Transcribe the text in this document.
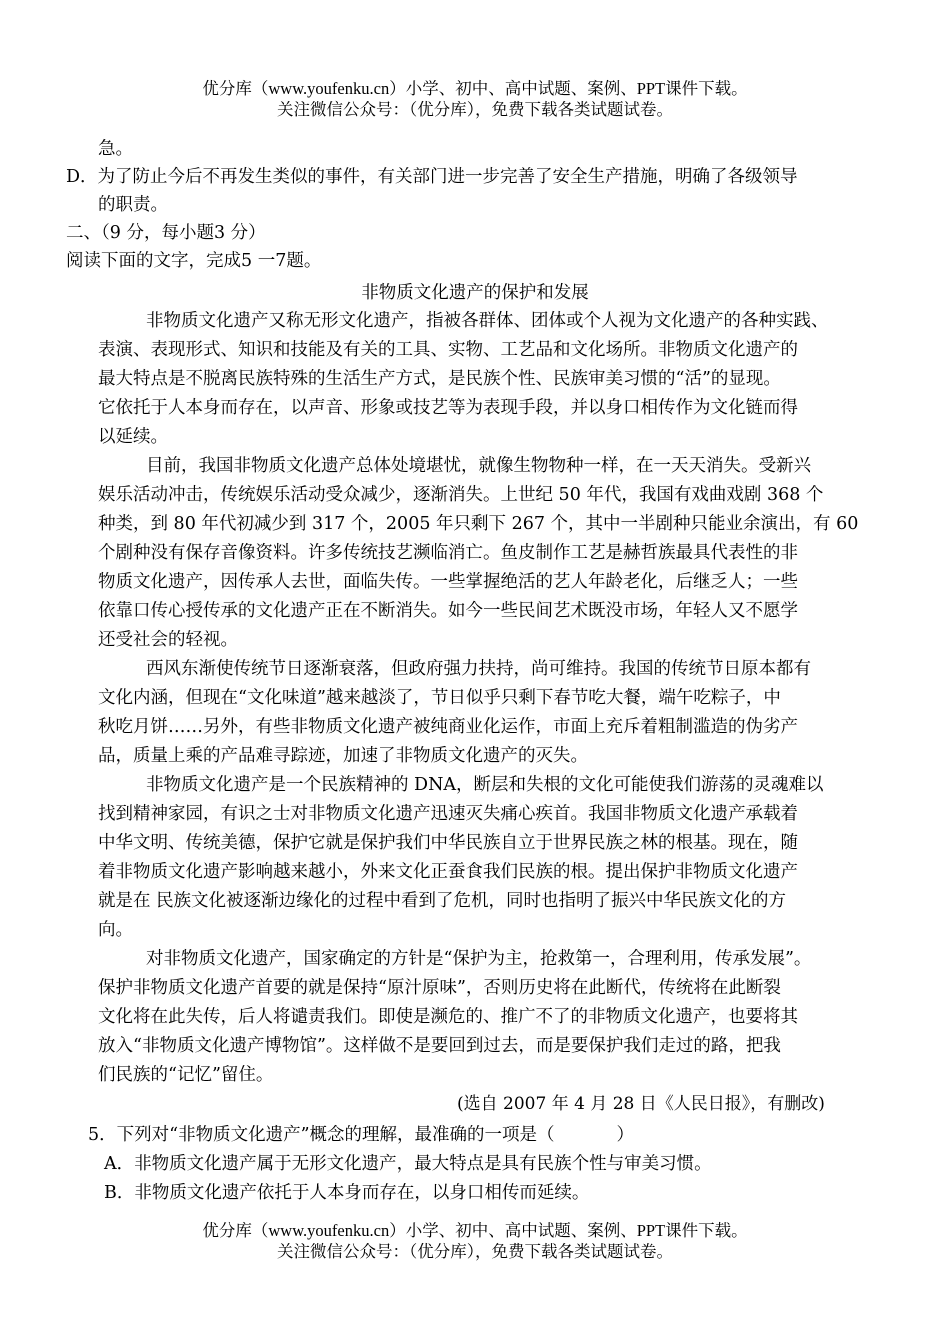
优分库（www.youfenku.cn）小学、初中、高中试题、案例、PPT课件下载。
关注微信公众号：（优分库），免费下载各类试题试卷。
急。
D．为了防止今后不再发生类似的事件，有关部门进一步完善了安全生产措施，明确了各级领导
的职责。
二、（9 分，每小题3 分）
阅读下面的文字，完成5 一7题。
非物质文化遗产的保护和发展
非物质文化遗产又称无形文化遗产，指被各群体、团体或个人视为文化遗产的各种实践、
表演、表现形式、知识和技能及有关的工具、实物、工艺品和文化场所。非物质文化遗产的
最大特点是不脱离民族特殊的生活生产方式，是民族个性、民族审美习惯的“活”的显现。
它依托于人本身而存在，以声音、形象或技艺等为表现手段，并以身口相传作为文化链而得
以延续。
目前，我国非物质文化遗产总体处境堪忧，就像生物物种一样，在一天天消失。受新兴
娱乐活动冲击，传统娱乐活动受众减少，逐渐消失。上世纪 50 年代，我国有戏曲戏剧 368 个
种类，到 80 年代初减少到 317 个，2005 年只剩下 267 个，其中一半剧种只能业余演出，有 60
个剧种没有保存音像资料。许多传统技艺濒临消亡。鱼皮制作工艺是赫哲族最具代表性的非
物质文化遗产，因传承人去世，面临失传。一些掌握绝活的艺人年龄老化，后继乏人；一些
依靠口传心授传承的文化遗产正在不断消失。如今一些民间艺术既没市场，年轻人又不愿学
还受社会的轻视。
西风东渐使传统节日逐渐衰落，但政府强力扶持，尚可维持。我国的传统节日原本都有
文化内涵，但现在“文化味道”越来越淡了，节日似乎只剩下春节吃大餐，端午吃粽子，中
秋吃月饼……另外，有些非物质文化遗产被纯商业化运作，市面上充斥着粗制滥造的伪劣产
品，质量上乘的产品难寻踪迹，加速了非物质文化遗产的灭失。
非物质文化遗产是一个民族精神的 DNA，断层和失根的文化可能使我们游荡的灵魂难以
找到精神家园，有识之士对非物质文化遗产迅速灭失痛心疾首。我国非物质文化遗产承载着
中华文明、传统美德，保护它就是保护我们中华民族自立于世界民族之林的根基。现在，随
着非物质文化遗产影响越来越小，外来文化正蚕食我们民族的根。提出保护非物质文化遗产
就是在 民族文化被逐渐边缘化的过程中看到了危机，同时也指明了振兴中华民族文化的方
向。
对非物质文化遗产，国家确定的方针是“保护为主，抢救第一，合理利用，传承发展”。
保护非物质文化遗产首要的就是保持“原汁原味”，否则历史将在此断代，传统将在此断裂
文化将在此失传，后人将谴责我们。即使是濒危的、推广不了的非物质文化遗产，也要将其
放入“非物质文化遗产博物馆”。这样做不是要回到过去，而是要保护我们走过的路，把我
们民族的“记忆”留住。
(选自 2007 年 4 月 28 日《人民日报》，有删改)
5．下列对“非物质文化遗产”概念的理解，最准确的一项是（	）
A．非物质文化遗产属于无形文化遗产，最大特点是具有民族个性与审美习惯。
B．非物质文化遗产依托于人本身而存在，以身口相传而延续。
优分库（www.youfenku.cn）小学、初中、高中试题、案例、PPT课件下载。
关注微信公众号：（优分库），免费下载各类试题试卷。
